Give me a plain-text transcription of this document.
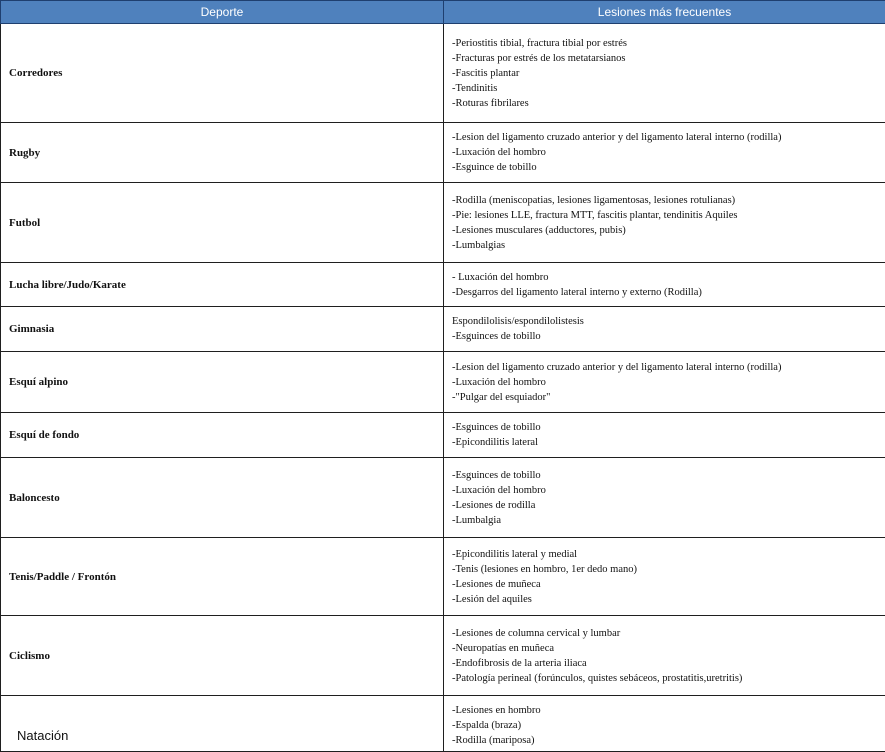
Deporte	Lesiones más frecuentes
Corredores	-Periostitis tibial, fractura tibial por estrés
-Fracturas por estrés de los metatarsianos
-Fascitis plantar
-Tendinitis
-Roturas fibrilares

Rugby	-Lesion del ligamento cruzado anterior y del ligamento lateral interno (rodilla)
-Luxación del hombro
-Esguince de tobillo

Futbol	-Rodilla (meniscopatias, lesiones ligamentosas, lesiones rotulianas)
-Pie: lesiones LLE, fractura MTT, fascitis plantar, tendinitis Aquiles
-Lesiones musculares (adductores, pubis)
-Lumbalgias

Lucha libre/Judo/Karate	- Luxación del hombro
-Desgarros del ligamento lateral interno y externo (Rodilla)

Gimnasia	Espondilolisis/espondilolistesis
-Esguinces de tobillo

Esquí alpino	-Lesion del ligamento cruzado anterior y del ligamento lateral interno (rodilla)
-Luxación del hombro
-"Pulgar del esquiador"

Esquí de fondo	-Esguinces de tobillo
-Epicondilitis lateral

Baloncesto	-Esguinces de tobillo
-Luxación del hombro
-Lesiones de rodilla
-Lumbalgia

Tenis/Paddle / Frontón	-Epicondilitis lateral y medial
-Tenis (lesiones en hombro, 1er dedo mano)
-Lesiones de muñeca
-Lesión del aquiles

Ciclismo	-Lesiones de columna cervical y lumbar
-Neuropatías en muñeca
-Endofibrosis de la arteria iliaca
-Patología perineal (forúnculos, quistes sebáceos, prostatitis,uretritis)

Natación	-Lesiones en hombro
-Espalda (braza)
-Rodilla (mariposa)
